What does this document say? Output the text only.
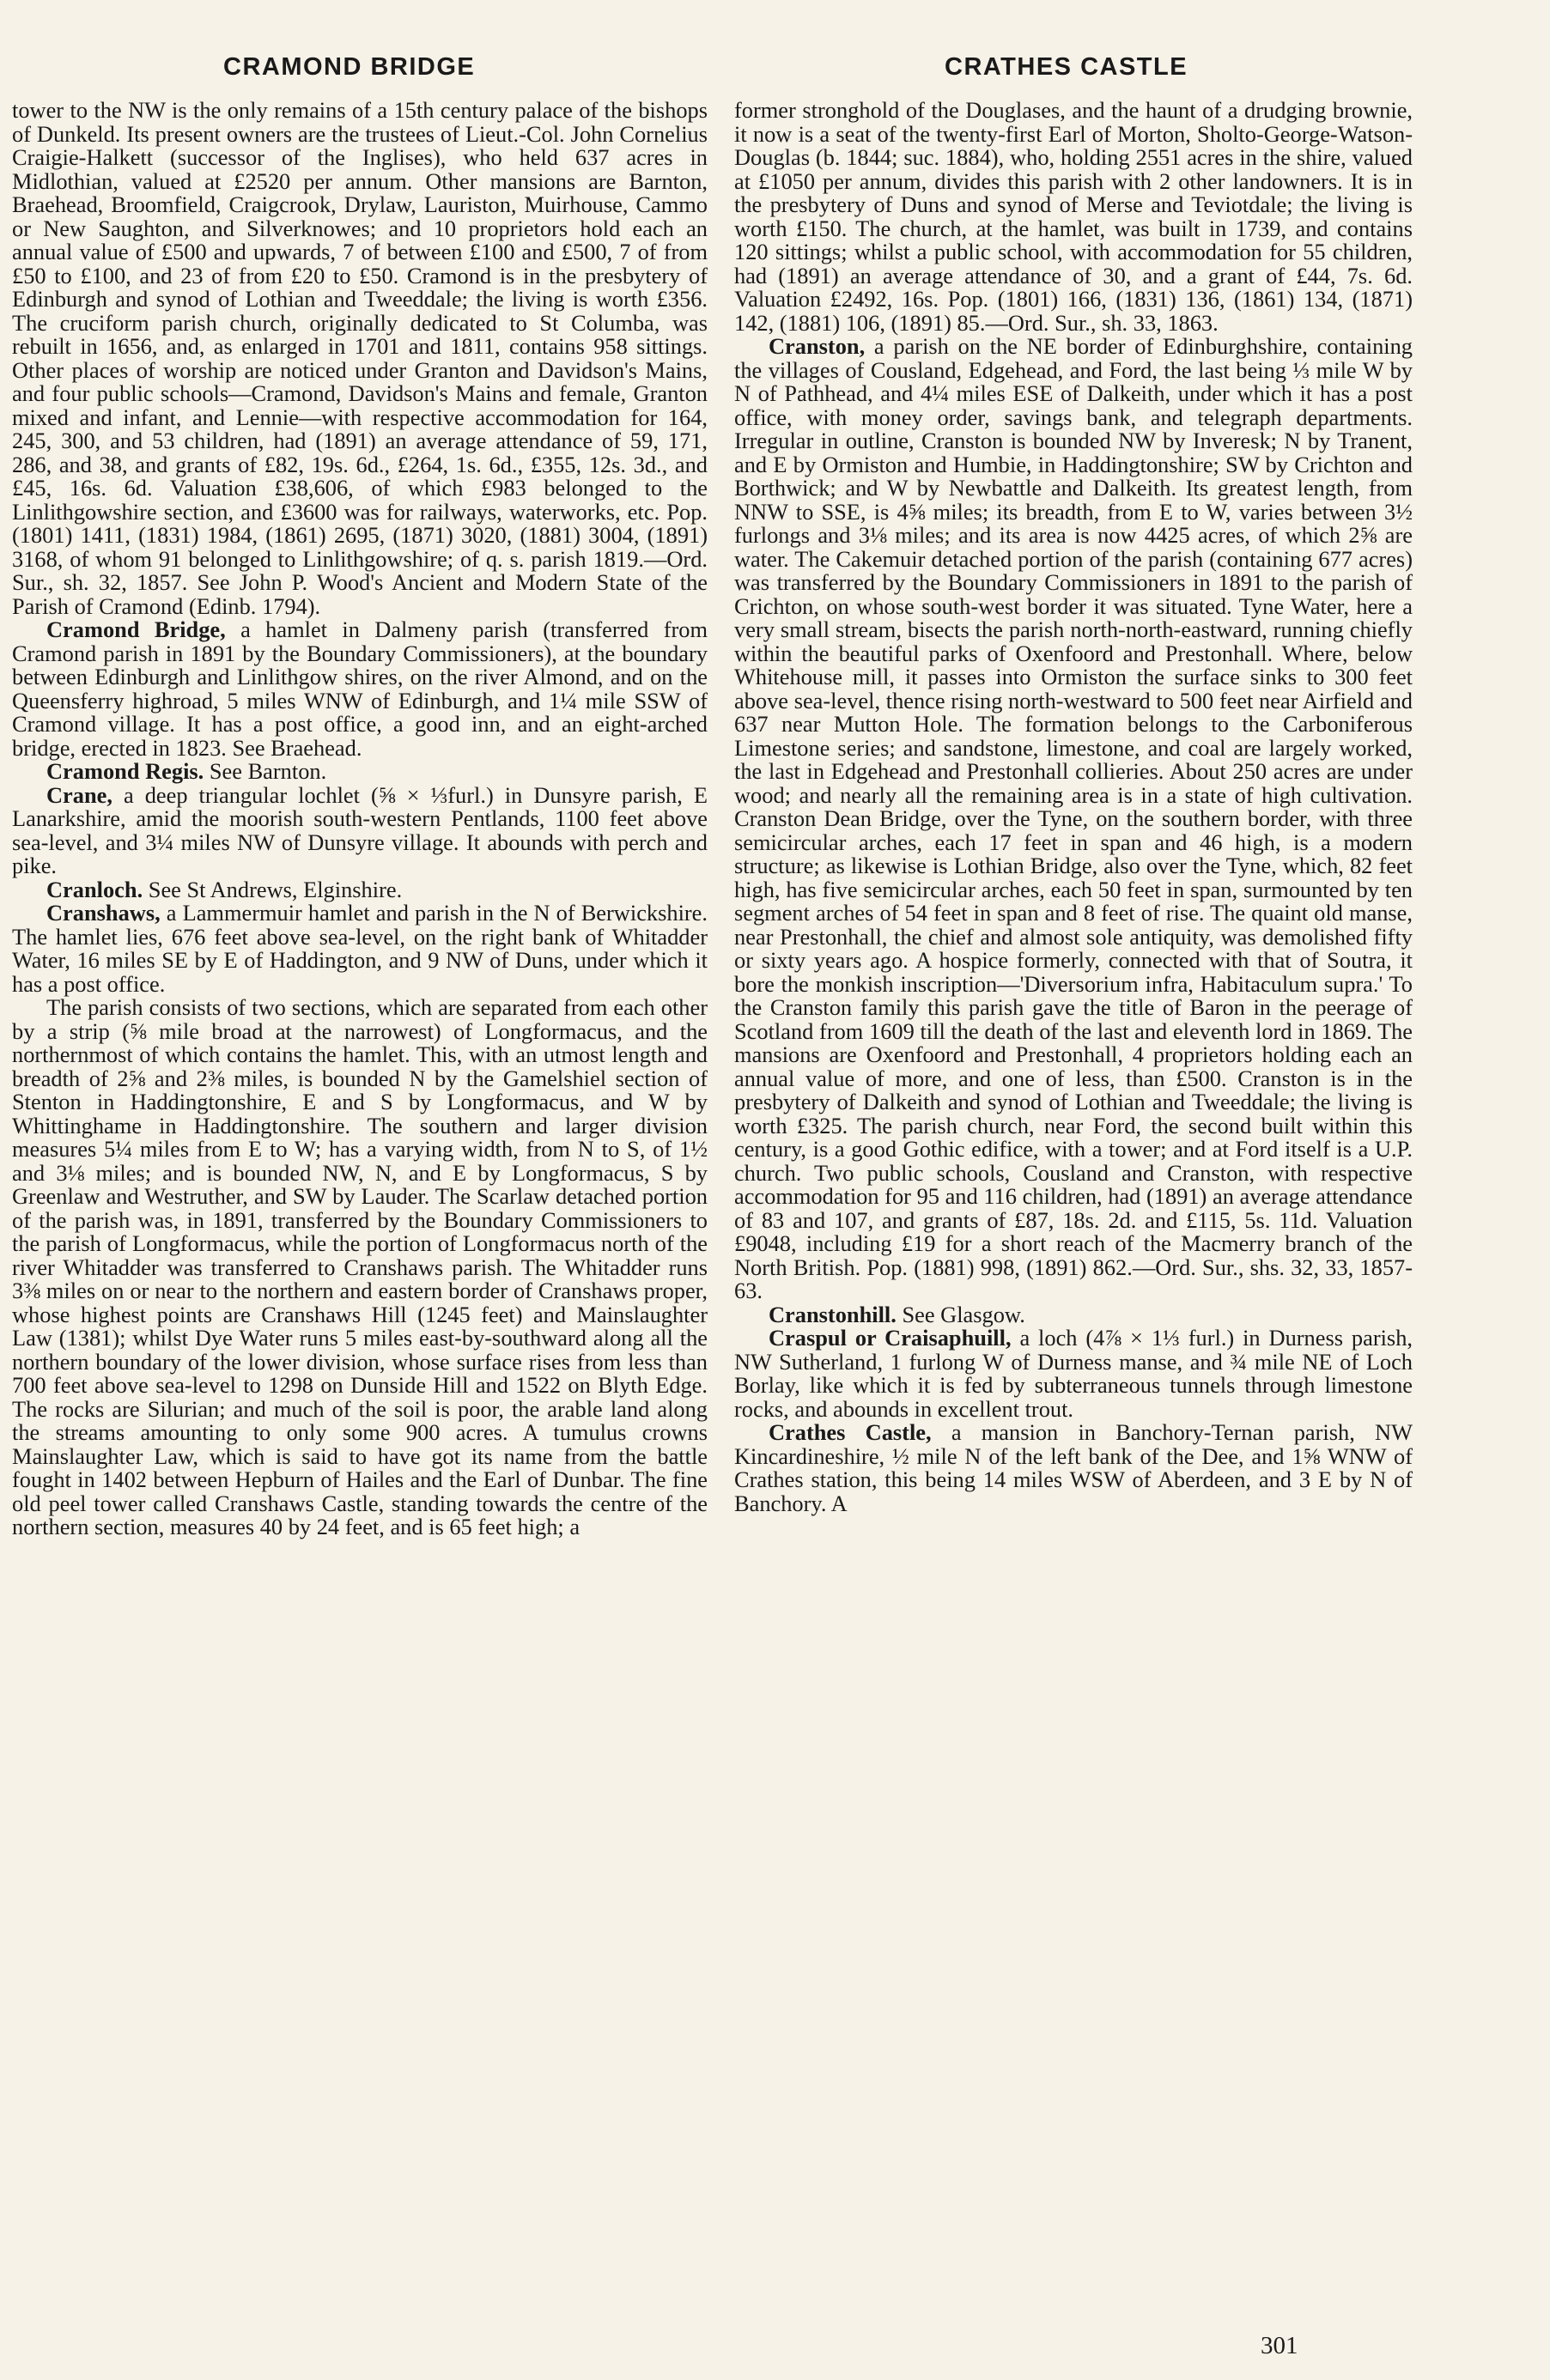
CRAMOND BRIDGE	CRATHES CASTLE

tower to the NW is the only remains of a 15th century palace of the bishops of Dunkeld. Its present owners are the trustees of Lieut.-Col. John Cornelius Craigie-Halkett (successor of the Inglises), who held 637 acres in Midlothian, valued at £2520 per annum. Other mansions are Barnton, Braehead, Broomfield, Craigcrook, Drylaw, Lauriston, Muirhouse, Cammo or New Saughton, and Silverknowes; and 10 proprietors hold each an annual value of £500 and upwards, 7 of between £100 and £500, 7 of from £50 to £100, and 23 of from £20 to £50. Cramond is in the presbytery of Edinburgh and synod of Lothian and Tweeddale; the living is worth £356. The cruciform parish church, originally dedicated to St Columba, was rebuilt in 1656, and, as enlarged in 1701 and 1811, contains 958 sittings. Other places of worship are noticed under Granton and Davidson's Mains, and four public schools—Cramond, Davidson's Mains and female, Granton mixed and infant, and Lennie—with respective accommodation for 164, 245, 300, and 53 children, had (1891) an average attendance of 59, 171, 286, and 38, and grants of £82, 19s. 6d., £264, 1s. 6d., £355, 12s. 3d., and £45, 16s. 6d. Valuation £38,606, of which £983 belonged to the Linlithgowshire section, and £3600 was for railways, waterworks, etc. Pop. (1801) 1411, (1831) 1984, (1861) 2695, (1871) 3020, (1881) 3004, (1891) 3168, of whom 91 belonged to Linlithgowshire; of q. s. parish 1819.—Ord. Sur., sh. 32, 1857. See John P. Wood's Ancient and Modern State of the Parish of Cramond (Edinb. 1794).

Cramond Bridge, a hamlet in Dalmeny parish (transferred from Cramond parish in 1891 by the Boundary Commissioners), at the boundary between Edinburgh and Linlithgow shires, on the river Almond, and on the Queensferry highroad, 5 miles WNW of Edinburgh, and 1¼ mile SSW of Cramond village. It has a post office, a good inn, and an eight-arched bridge, erected in 1823. See Braehead.

Cramond Regis. See Barnton.

Crane, a deep triangular lochlet (⅝ × ⅓furl.) in Dunsyre parish, E Lanarkshire, amid the moorish south-western Pentlands, 1100 feet above sea-level, and 3¼ miles NW of Dunsyre village. It abounds with perch and pike.

Cranloch. See St Andrews, Elginshire.

Cranshaws, a Lammermuir hamlet and parish in the N of Berwickshire. The hamlet lies, 676 feet above sea-level, on the right bank of Whitadder Water, 16 miles SE by E of Haddington, and 9 NW of Duns, under which it has a post office.

The parish consists of two sections, which are separated from each other by a strip (⅝ mile broad at the narrowest) of Longformacus, and the northernmost of which contains the hamlet. This, with an utmost length and breadth of 2⅝ and 2⅜ miles, is bounded N by the Gamelshiel section of Stenton in Haddingtonshire, E and S by Longformacus, and W by Whittinghame in Haddingtonshire. The southern and larger division measures 5¼ miles from E to W; has a varying width, from N to S, of 1½ and 3⅛ miles; and is bounded NW, N, and E by Longformacus, S by Greenlaw and Westruther, and SW by Lauder. The Scarlaw detached portion of the parish was, in 1891, transferred by the Boundary Commissioners to the parish of Longformacus, while the portion of Longformacus north of the river Whitadder was transferred to Cranshaws parish. The Whitadder runs 3⅜ miles on or near to the northern and eastern border of Cranshaws proper, whose highest points are Cranshaws Hill (1245 feet) and Mainslaughter Law (1381); whilst Dye Water runs 5 miles east-by-southward along all the northern boundary of the lower division, whose surface rises from less than 700 feet above sea-level to 1298 on Dunside Hill and 1522 on Blyth Edge. The rocks are Silurian; and much of the soil is poor, the arable land along the streams amounting to only some 900 acres. A tumulus crowns Mainslaughter Law, which is said to have got its name from the battle fought in 1402 between Hepburn of Hailes and the Earl of Dunbar. The fine old peel tower called Cranshaws Castle, standing towards the centre of the northern section, measures 40 by 24 feet, and is 65 feet high; a

former stronghold of the Douglases, and the haunt of a drudging brownie, it now is a seat of the twenty-first Earl of Morton, Sholto-George-Watson-Douglas (b. 1844; suc. 1884), who, holding 2551 acres in the shire, valued at £1050 per annum, divides this parish with 2 other landowners. It is in the presbytery of Duns and synod of Merse and Teviotdale; the living is worth £150. The church, at the hamlet, was built in 1739, and contains 120 sittings; whilst a public school, with accommodation for 55 children, had (1891) an average attendance of 30, and a grant of £44, 7s. 6d. Valuation £2492, 16s. Pop. (1801) 166, (1831) 136, (1861) 134, (1871) 142, (1881) 106, (1891) 85.—Ord. Sur., sh. 33, 1863.

Cranston, a parish on the NE border of Edinburghshire, containing the villages of Cousland, Edgehead, and Ford, the last being ⅓ mile W by N of Pathhead, and 4¼ miles ESE of Dalkeith, under which it has a post office, with money order, savings bank, and telegraph departments. Irregular in outline, Cranston is bounded NW by Inveresk; N by Tranent, and E by Ormiston and Humbie, in Haddingtonshire; SW by Crichton and Borthwick; and W by Newbattle and Dalkeith. Its greatest length, from NNW to SSE, is 4⅝ miles; its breadth, from E to W, varies between 3½ furlongs and 3⅛ miles; and its area is now 4425 acres, of which 2⅝ are water. The Cakemuir detached portion of the parish (containing 677 acres) was transferred by the Boundary Commissioners in 1891 to the parish of Crichton, on whose south-west border it was situated. Tyne Water, here a very small stream, bisects the parish north-north-eastward, running chiefly within the beautiful parks of Oxenfoord and Prestonhall. Where, below Whitehouse mill, it passes into Ormiston the surface sinks to 300 feet above sea-level, thence rising north-westward to 500 feet near Airfield and 637 near Mutton Hole. The formation belongs to the Carboniferous Limestone series; and sandstone, limestone, and coal are largely worked, the last in Edgehead and Prestonhall collieries. About 250 acres are under wood; and nearly all the remaining area is in a state of high cultivation. Cranston Dean Bridge, over the Tyne, on the southern border, with three semicircular arches, each 17 feet in span and 46 high, is a modern structure; as likewise is Lothian Bridge, also over the Tyne, which, 82 feet high, has five semicircular arches, each 50 feet in span, surmounted by ten segment arches of 54 feet in span and 8 feet of rise. The quaint old manse, near Prestonhall, the chief and almost sole antiquity, was demolished fifty or sixty years ago. A hospice formerly, connected with that of Soutra, it bore the monkish inscription—'Diversorium infra, Habitaculum supra.' To the Cranston family this parish gave the title of Baron in the peerage of Scotland from 1609 till the death of the last and eleventh lord in 1869. The mansions are Oxenfoord and Prestonhall, 4 proprietors holding each an annual value of more, and one of less, than £500. Cranston is in the presbytery of Dalkeith and synod of Lothian and Tweeddale; the living is worth £325. The parish church, near Ford, the second built within this century, is a good Gothic edifice, with a tower; and at Ford itself is a U.P. church. Two public schools, Cousland and Cranston, with respective accommodation for 95 and 116 children, had (1891) an average attendance of 83 and 107, and grants of £87, 18s. 2d. and £115, 5s. 11d. Valuation £9048, including £19 for a short reach of the Macmerry branch of the North British. Pop. (1881) 998, (1891) 862.—Ord. Sur., shs. 32, 33, 1857-63.

Cranstonhill. See Glasgow.

Craspul or Craisaphuill, a loch (4⅞ × 1⅓ furl.) in Durness parish, NW Sutherland, 1 furlong W of Durness manse, and ¾ mile NE of Loch Borlay, like which it is fed by subterraneous tunnels through limestone rocks, and abounds in excellent trout.

Crathes Castle, a mansion in Banchory-Ternan parish, NW Kincardineshire, ½ mile N of the left bank of the Dee, and 1⅝ WNW of Crathes station, this being 14 miles WSW of Aberdeen, and 3 E by N of Banchory. A

301
